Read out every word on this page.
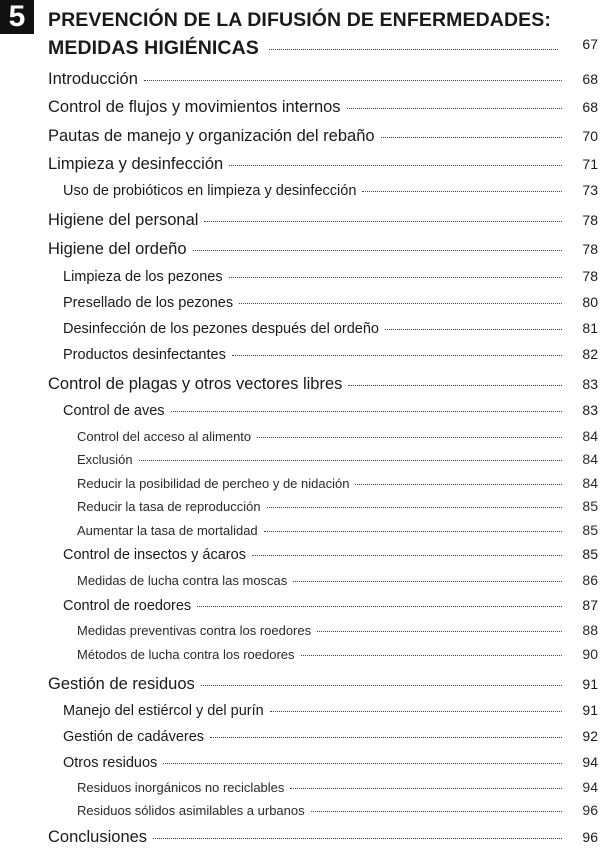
5	PREVENCIÓN DE LA DIFUSIÓN DE ENFERMEDADES:
MEDIDAS HIGIÉNICAS	67
Introducción	68
Control de flujos y movimientos internos	68
Pautas de manejo y organización del rebaño	70
Limpieza y desinfección	71
Uso de probióticos en limpieza y desinfección	73
Higiene del personal	78
Higiene del ordeño	78
Limpieza de los pezones	78
Presellado de los pezones	80
Desinfección de los pezones después del ordeño	81
Productos desinfectantes	82
Control de plagas y otros vectores libres	83
Control de aves	83
Control del acceso al alimento	84
Exclusión	84
Reducir la posibilidad de percheo y de nidación	84
Reducir la tasa de reproducción	85
Aumentar la tasa de mortalidad	85
Control de insectos y ácaros	85
Medidas de lucha contra las moscas	86
Control de roedores	87
Medidas preventivas contra los roedores	88
Métodos de lucha contra los roedores	90
Gestión de residuos	91
Manejo del estiércol y del purín	91
Gestión de cadáveres	92
Otros residuos	94
Residuos inorgánicos no reciclables	94
Residuos sólidos asimilables a urbanos	96
Conclusiones	96
